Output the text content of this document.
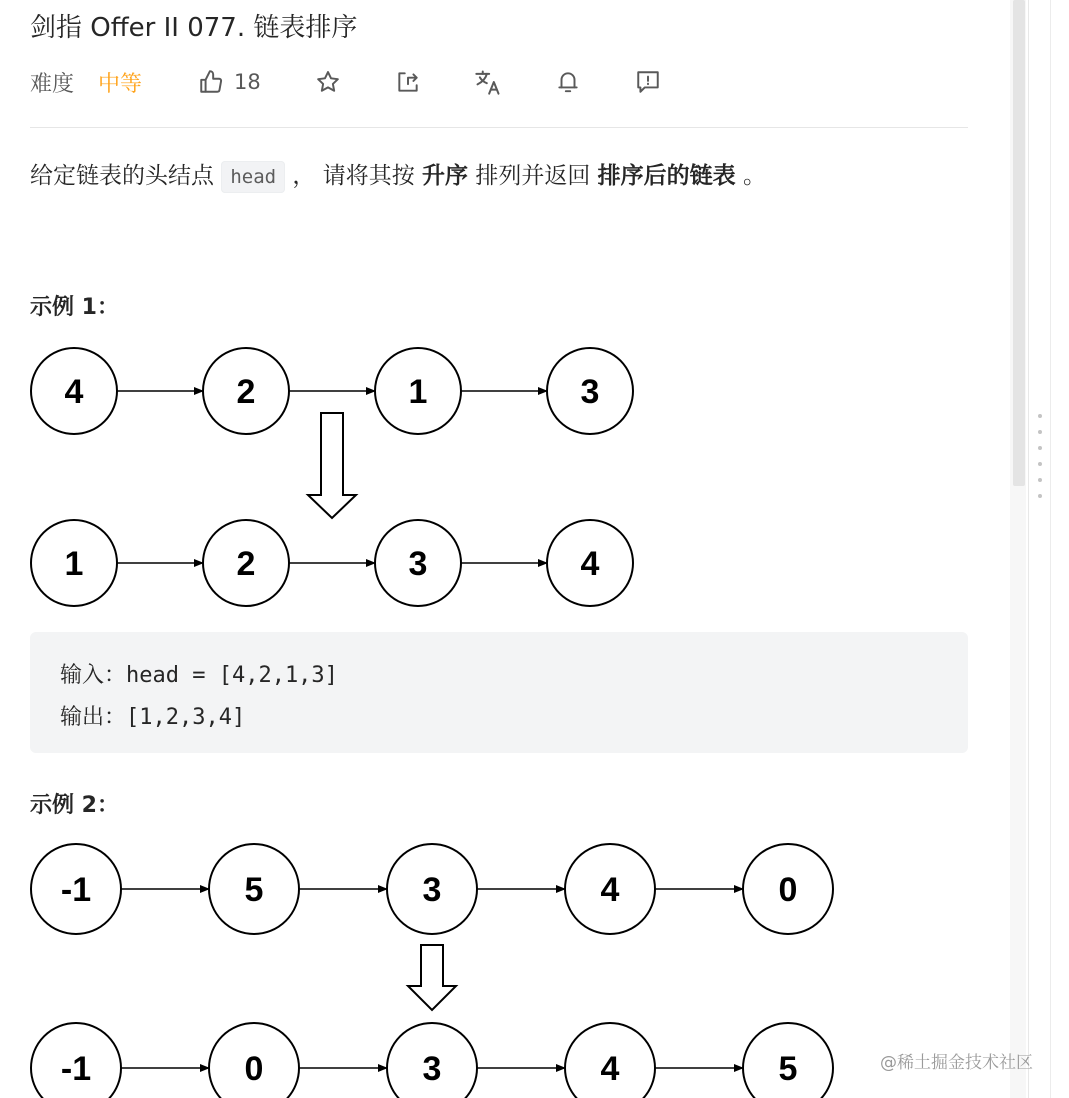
剑指 Offer II 077. 链表排序
难度 中等	18
给定链表的头结点 head ， 请将其按 升序 排列并返回 排序后的链表 。
示例 1：
4	2	1	3
1	2	3	4
输入：head = [4,2,1,3]
输出：[1,2,3,4]
示例 2：
-1	5	3	4	0
-1	0	3	4	5	@稀土掘金技术社区
